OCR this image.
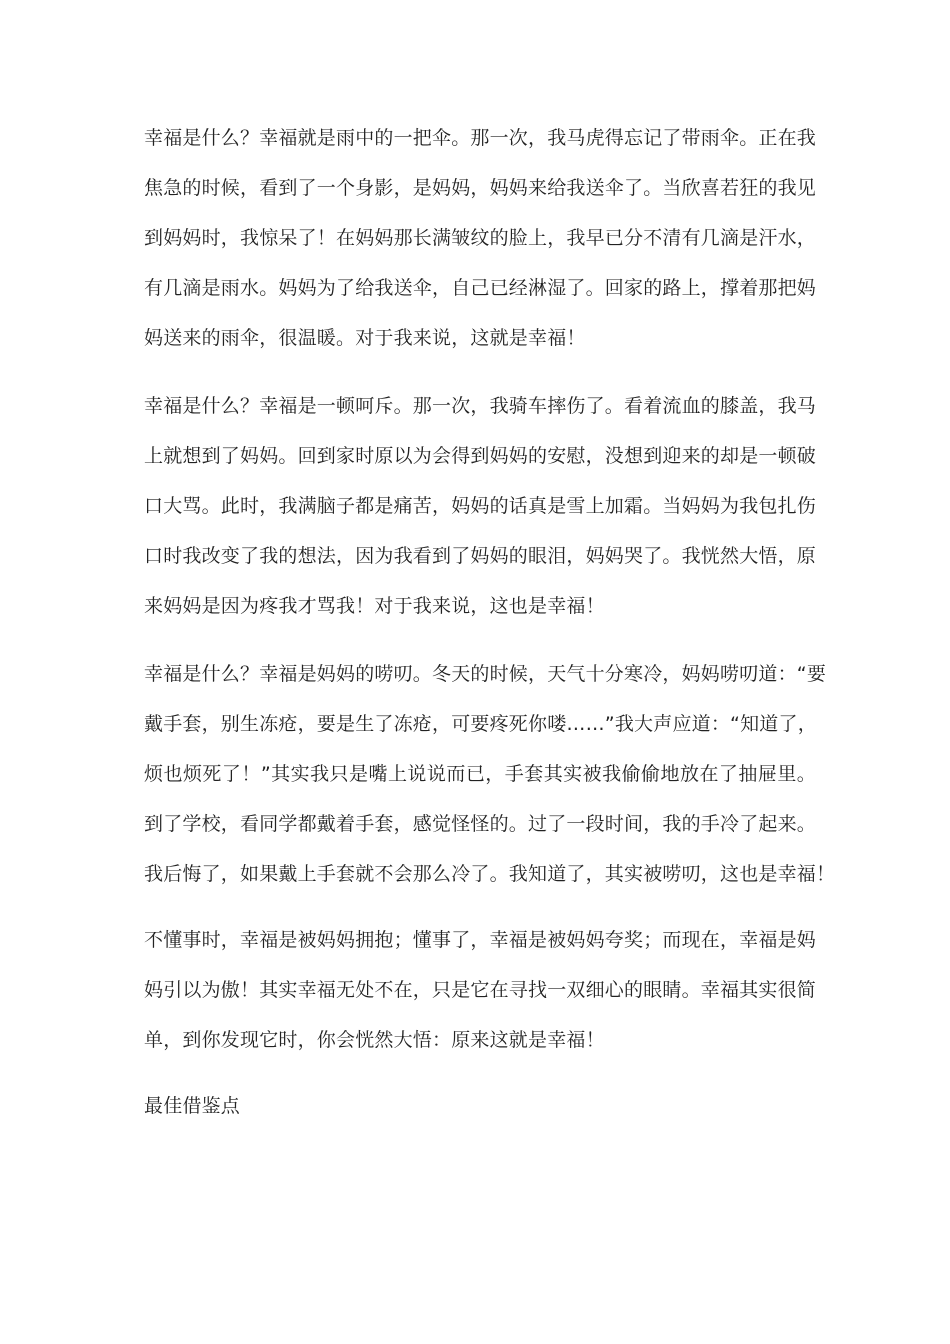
幸福是什么？幸福就是雨中的一把伞。那一次，我马虎得忘记了带雨伞。正在我
焦急的时候，看到了一个身影，是妈妈，妈妈来给我送伞了。当欣喜若狂的我见
到妈妈时，我惊呆了！在妈妈那长满皱纹的脸上，我早已分不清有几滴是汗水，
有几滴是雨水。妈妈为了给我送伞，自己已经淋湿了。回家的路上，撑着那把妈
妈送来的雨伞，很温暖。对于我来说，这就是幸福！
幸福是什么？幸福是一顿呵斥。那一次，我骑车摔伤了。看着流血的膝盖，我马
上就想到了妈妈。回到家时原以为会得到妈妈的安慰，没想到迎来的却是一顿破
口大骂。此时，我满脑子都是痛苦，妈妈的话真是雪上加霜。当妈妈为我包扎伤
口时我改变了我的想法，因为我看到了妈妈的眼泪，妈妈哭了。我恍然大悟，原
来妈妈是因为疼我才骂我！对于我来说，这也是幸福！
幸福是什么？幸福是妈妈的唠叨。冬天的时候，天气十分寒冷，妈妈唠叨道：“要
戴手套，别生冻疮，要是生了冻疮，可要疼死你喽……”我大声应道：“知道了，
烦也烦死了！”其实我只是嘴上说说而已，手套其实被我偷偷地放在了抽屉里。
到了学校，看同学都戴着手套，感觉怪怪的。过了一段时间，我的手冷了起来。
我后悔了，如果戴上手套就不会那么冷了。我知道了，其实被唠叨，这也是幸福！
不懂事时，幸福是被妈妈拥抱；懂事了，幸福是被妈妈夸奖；而现在，幸福是妈
妈引以为傲！其实幸福无处不在，只是它在寻找一双细心的眼睛。幸福其实很简
单，到你发现它时，你会恍然大悟：原来这就是幸福！
最佳借鉴点
